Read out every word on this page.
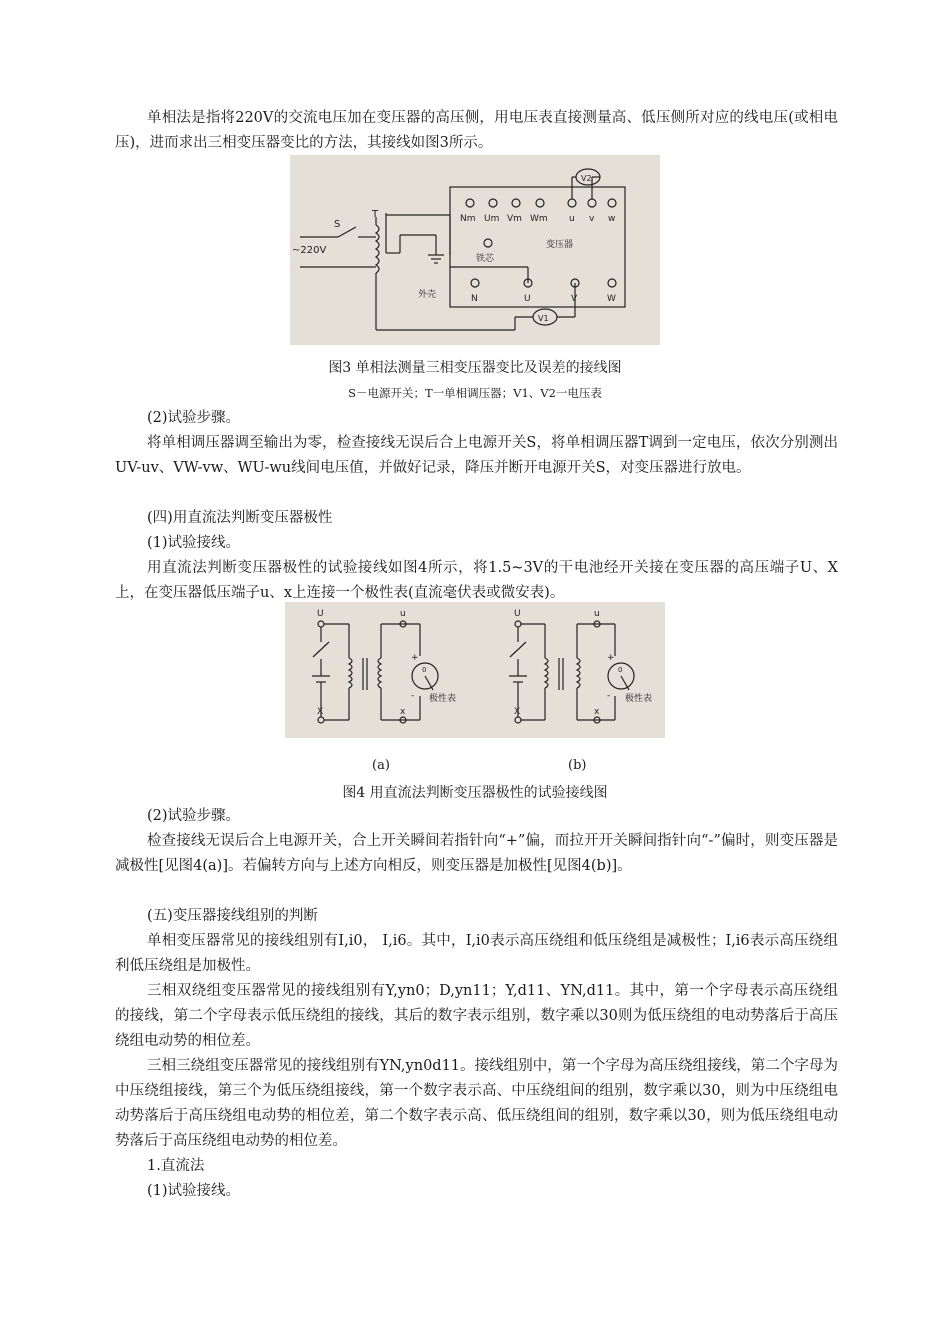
单相法是指将220V的交流电压加在变压器的高压侧，用电压表直接测量高、低压侧所对应的线电压(或相电压)，进而求出三相变压器变比的方法，其接线如图3所示。

S
T
~220V
Nm Um Vm Wm u v w
铁芯
变压器
外壳	N	U	V	W
V1
V2
图3 单相法测量三相变压器变比及误差的接线图
S－电源开关；T一单相调压器；V1、V2一电压表

(2)试验步骤。

将单相调压器调至输出为零，检查接线无误后合上电源开关S，将单相调压器T调到一定电压，依次分别测出UV-uv、VW-vw、WU-wu线间电压值，并做好记录，降压并断开电源开关S，对变压器进行放电。

(四)用直流法判断变压器极性

(1)试验接线。

用直流法判断变压器极性的试验接线如图4所示，将1.5~3V的干电池经开关接在变压器的高压端子U、X上，在变压器低压端子u、x上连接一个极性表(直流毫伏表或微安表)。

U
X
u
x
+
-
0
极性表
U
X
u
x
+
-
0
极性表
(a)	(b)
图4 用直流法判断变压器极性的试验接线图

(2)试验步骤。

检查接线无误后合上电源开关，合上开关瞬间若指针向“+”偏，而拉开开关瞬间指针向“-”偏时，则变压器是减极性[见图4(a)]。若偏转方向与上述方向相反，则变压器是加极性[见图4(b)]。

(五)变压器接线组别的判断

单相变压器常见的接线组别有I,i0， I,i6。其中，I,i0表示高压绕组和低压绕组是减极性；I,i6表示高压绕组利低压绕组是加极性。

三相双绕组变压器常见的接线组别有Y,yn0；D,yn11；Y,d11、YN,d11。其中，第一个字母表示高压绕组的接线，第二个字母表示低压绕组的接线，其后的数字表示组别，数字乘以30则为低压绕组的电动势落后于高压绕组电动势的相位差。

三相三绕组变压器常见的接线组别有YN,yn0d11。接线组别中，第一个字母为高压绕组接线，第二个字母为中压绕组接线，第三个为低压绕组接线，第一个数字表示高、中压绕组间的组别，数字乘以30，则为中压绕组电动势落后于高压绕组电动势的相位差，第二个数字表示高、低压绕组间的组别，数字乘以30，则为低压绕组电动势落后于高压绕组电动势的相位差。

1.直流法

(1)试验接线。
